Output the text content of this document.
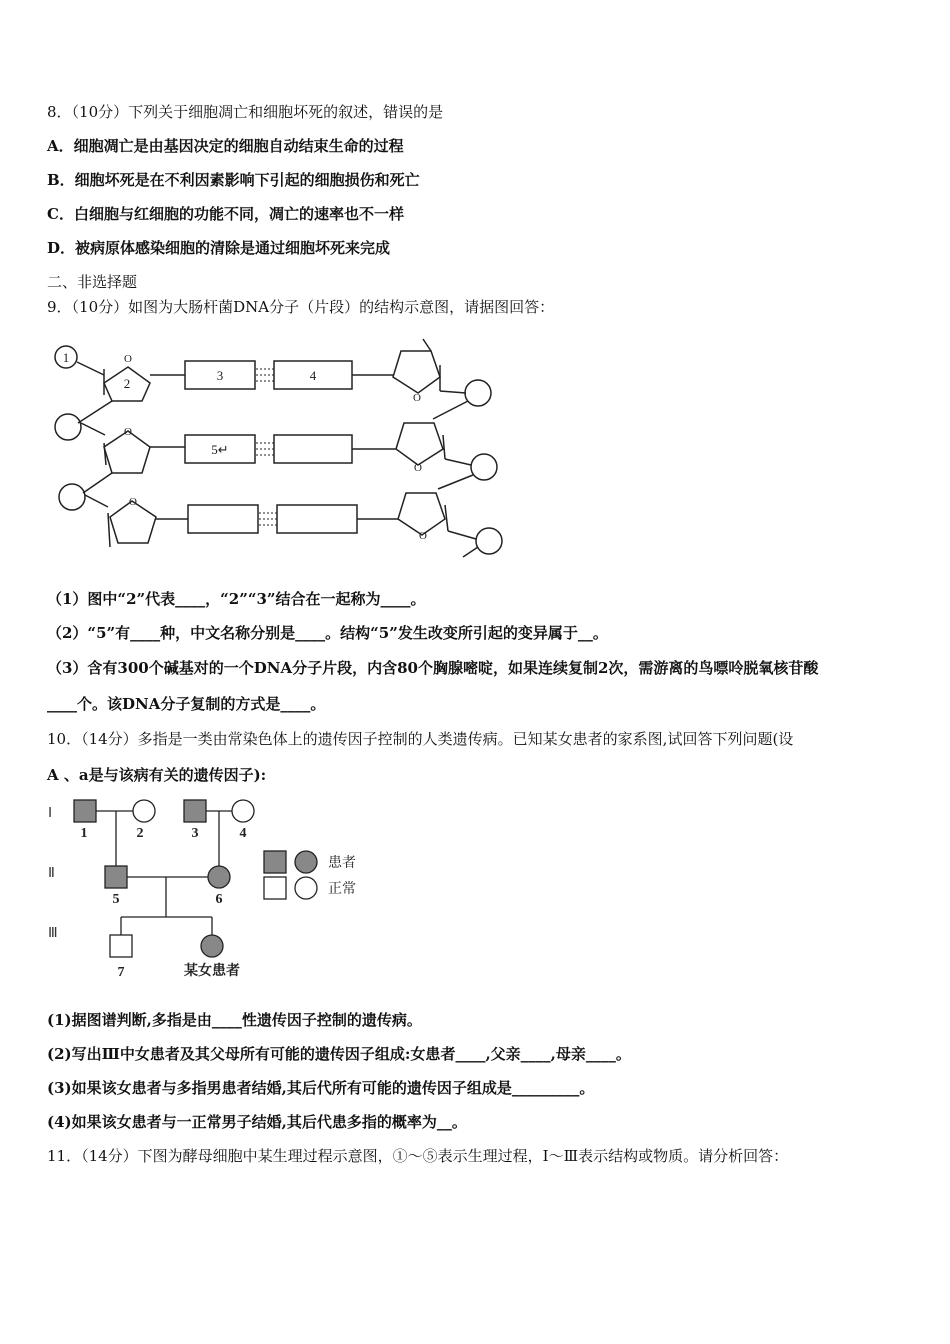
8．（10分）下列关于细胞凋亡和细胞坏死的叙述，错误的是
A．细胞凋亡是由基因决定的细胞自动结束生命的过程
B．细胞坏死是在不利因素影响下引起的细胞损伤和死亡
C．白细胞与红细胞的功能不同，凋亡的速率也不一样
D．被病原体感染细胞的清除是通过细胞坏死来完成
二、非选择题
9．（10分）如图为大肠杆菌DNA分子（片段）的结构示意图，请据图回答：
1
2
3	4
5↵
O
O
O
O
O
O
（1）图中“2”代表____，“2”“3”结合在一起称为____。
（2）“5”有____种，中文名称分别是____。结构“5”发生改变所引起的变异属于__。
（3）含有300个碱基对的一个DNA分子片段，内含80个胸腺嘧啶，如果连续复制2次，需游离的鸟嘌呤脱氧核苷酸
____个。该DNA分子复制的方式是____。
10．（14分）多指是一类由常染色体上的遗传因子控制的人类遗传病。已知某女患者的家系图,试回答下列问题(设
A 、a是与该病有关的遗传因子):
Ⅰ
Ⅱ
Ⅲ
1	2	3	4
5	6
7	某女患者
患者
正常
(1)据图谱判断,多指是由____性遗传因子控制的遗传病。
(2)写出Ⅲ中女患者及其父母所有可能的遗传因子组成:女患者____,父亲____,母亲____。
(3)如果该女患者与多指男患者结婚,其后代所有可能的遗传因子组成是_________。
(4)如果该女患者与一正常男子结婚,其后代患多指的概率为__。
11．（14分）下图为酵母细胞中某生理过程示意图，①～⑤表示生理过程，Ⅰ～Ⅲ表示结构或物质。请分析回答：
